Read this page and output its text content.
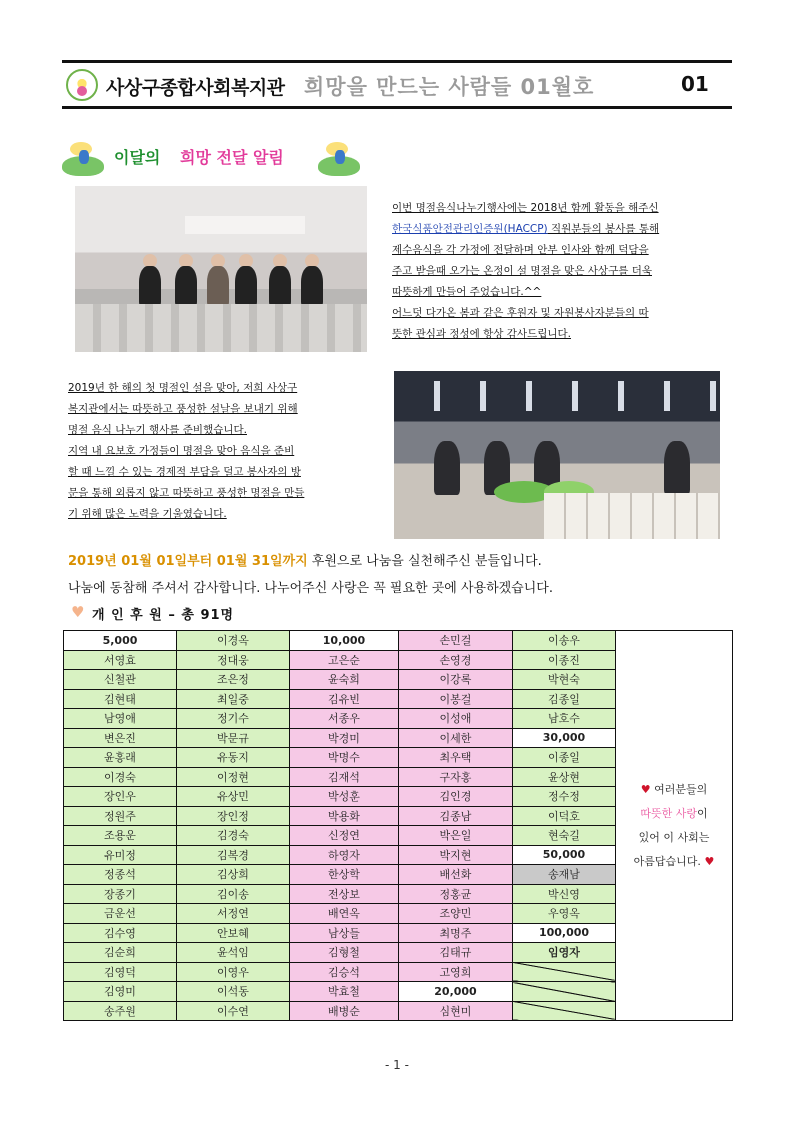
사상구종합사회복지관 희망을 만드는 사람들 01월호	01
이달의 희망 전달 알림
이번 명절음식나누기행사에는 2018년 함께 활동을 해주신
한국식품안전관리인증원(HACCP) 직원분들의 봉사를 통해
제수음식을 각 가정에 전달하며 안부 인사와 함께 덕담을
주고 받을때 오가는 온정이 설 명절을 맞은 사상구를 더욱
따뜻하게 만들어 주었습니다.^^
어느덧 다가온 봄과 같은 후원자 및 자원봉사자분들의 따
뜻한 관심과 정성에 항상 감사드립니다.
2019년 한 해의 첫 명절인 설을 맞아, 저희 사상구
복지관에서는 따뜻하고 풍성한 설날을 보내기 위해
명절 음식 나누기 행사를 준비했습니다.
지역 내 요보호 가정들이 명절을 맞아 음식을 준비
할 때 느낄 수 있는 경제적 부담을 덜고 봉사자의 방
문을 통해 외롭지 않고 따뜻하고 풍성한 명절을 만들
기 위해 많은 노력을 기울였습니다.
2019년 01월 01일부터 01월 31일까지 후원으로 나눔을 실천해주신 분들입니다.
나눔에 동참해 주셔서 감사합니다. 나누어주신 사랑은 꼭 필요한 곳에 사용하겠습니다.
♥ 개 인 후 원 – 총 91명
5,000	이경옥	10,000	손민걸	이송우	♥ 여러분들의
따뜻한 사랑이
있어 이 사회는
아름답습니다. ♥

서영효	정대웅	고은순	손영경	이종진	
신철관	조은정	윤숙희	이강록	박현숙	
김현태	최일중	김유빈	이봉걸	김종일	
남영애	정기수	서종우	이성애	남호수	
변은진	박문규	박경미	이세한	30,000	
윤홍래	유동지	박명수	최우택	이종일	
이경숙	이정현	김재석	구자홍	윤상현	
장인우	유상민	박성훈	김인경	정수정	
정원주	장인정	박용화	김종남	이덕호	
조용운	김경숙	신정연	박은일	현숙길	
유미정	김복경	하영자	박지현	50,000	
정종석	김상희	한상학	배선화	송재남	
장종기	김이송	전상보	정홍균	박신영	
금운선	서정연	배연옥	조양민	우영옥	
김수영	안보혜	남상들	최명주	100,000	
김순희	윤석임	김형철	김태규	임영자	
김영덕	이영우	김승석	고영희		
김영미	이석동	박효철	20,000		
송주원	이수연	배병순	심현미		
- 1 -
